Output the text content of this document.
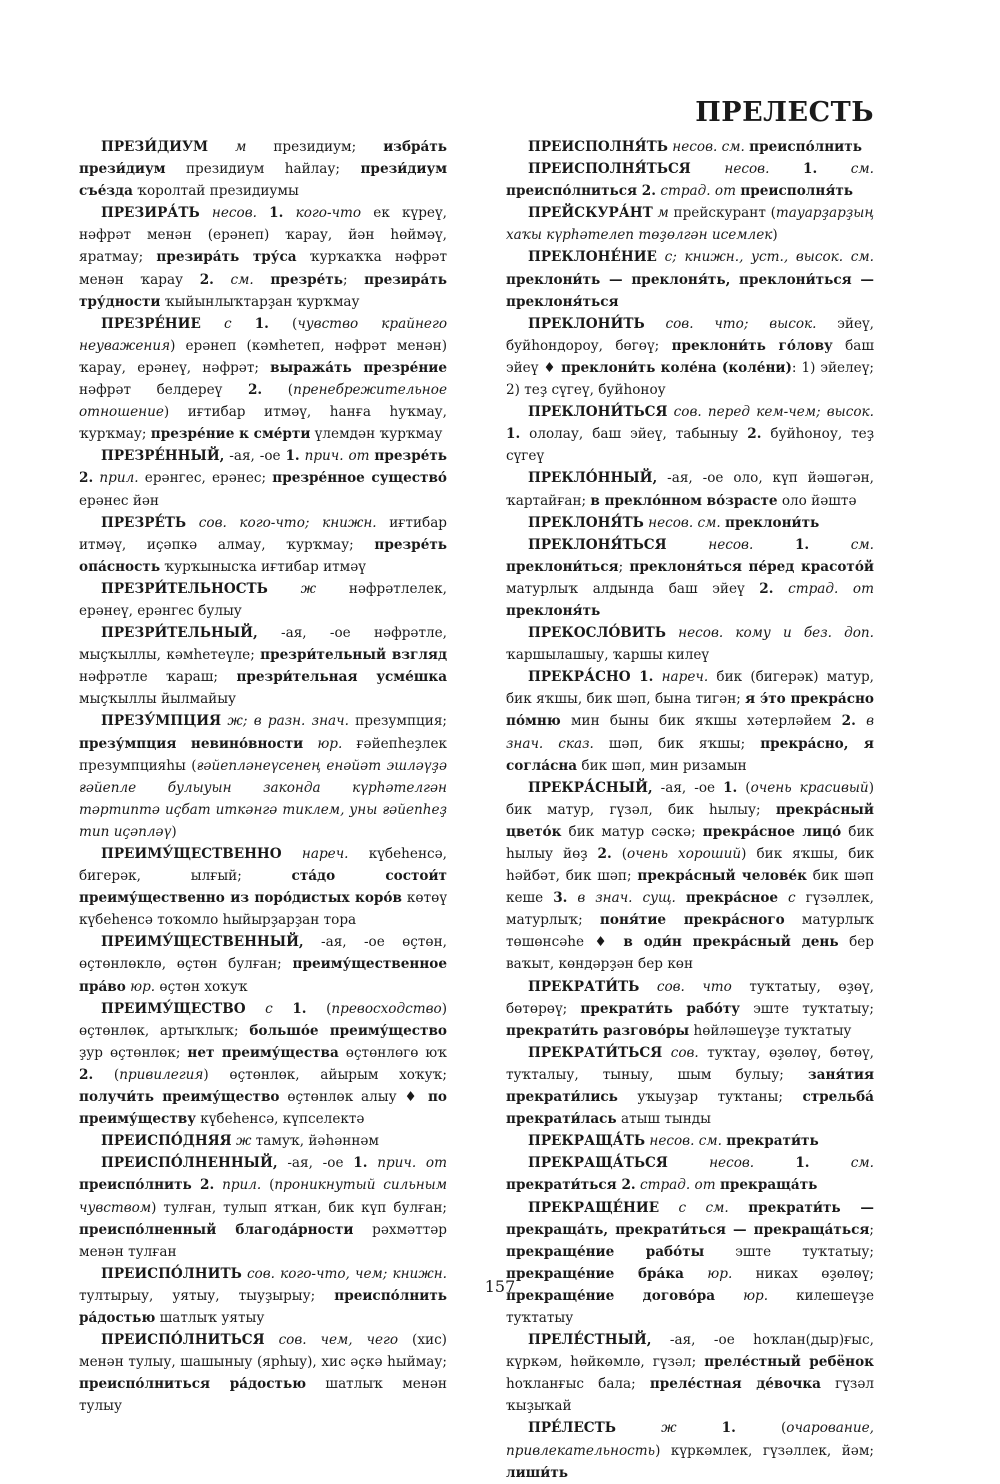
ПРЕЛЕСТЬ

ПРЕЗИ́ДИУМ м президиум; избра́ть прези́диум президиум һайлау; прези́диум съе́зда ҡоролтай президиумы

ПРЕЗИРА́ТЬ несов. 1. кого-что ек күреү, нәфрәт менән (ерәнеп) ҡарау, йән һөймәү, яратмау; презира́ть тру́са ҡурҡаҡҡа нәфрәт менән ҡарау 2. см. презре́ть; презира́ть тру́дности ҡыйынлыҡтарҙан ҡурҡмау

ПРЕЗРЕ́НИЕ с 1. (чувство крайнего неуважения) ерәнеп (кәмһетеп, нәфрәт менән) ҡарау, ерәнеү, нәфрәт; выража́ть презре́ние нәфрәт белдереү 2. (пренебрежительное отношение) иғтибар итмәү, һанға һуҡмау, ҡурҡмау; презре́ние к сме́рти үлемдән ҡурҡмау

ПРЕЗРЕ́ННЫЙ, -ая, -ое 1. прич. от презре́ть 2. прил. ерәнгес, ерәнес; презре́нное существо́ ерәнес йән

ПРЕЗРЕ́ТЬ сов. кого-что; книжн. иғтибар итмәү, иҫәпкә алмау, ҡурҡмау; презре́ть опа́сность ҡурҡынысҡа иғтибар итмәү

ПРЕЗРИ́ТЕЛЬНОСТЬ ж нәфрәтлелек, ерәнеү, ерәнгес булыу

ПРЕЗРИ́ТЕЛЬНЫЙ, -ая, -ое нәфрәтле, мыҫҡыллы, кәмһетеүле; презри́тельный взгляд нәфрәтле ҡараш; презри́тельная усме́шка мыҫҡыллы йылмайыу

ПРЕЗУ́МПЦИЯ ж; в разн. знач. презумпция; презу́мпция невино́вности юр. ғәйепһеҙлек презумпцияһы (ғәйепләнеүсенең енәйәт эшләүҙә ғәйепле булыуын законда күрһәтелгән тәртиптә иҫбат иткәнгә тиклем, уны ғәйепһеҙ тип иҫәпләү)

ПРЕИМУ́ЩЕСТВЕННО нареч. күбеһенсә, бигерәк, ылғый; ста́до состои́т преиму́щественно из поро́дистых коро́в көтөү күбеһенсә тоҡомло һыйырҙарҙан тора

ПРЕИМУ́ЩЕСТВЕННЫЙ, -ая, -ое өҫтөн, өҫтөнлөклө, өҫтөн булған; преиму́щественное пра́во юр. өҫтөн хоҡуҡ

ПРЕИМУ́ЩЕСТВО с 1. (превосходство) өҫтөнлөк, артыҡлыҡ; большо́е преиму́щество ҙур өҫтөнлөк; нет преиму́щества өҫтөнлөгө юҡ 2. (привилегия) өҫтөнлөк, айырым хоҡуҡ; получи́ть преиму́щество өҫтөнлөк алыу ♦ по преиму́ществу күбеһенсә, күпселектә

ПРЕИСПО́ДНЯЯ ж тамуҡ, йәһәннәм

ПРЕИСПО́ЛНЕННЫЙ, -ая, -ое 1. прич. от преиспо́лнить 2. прил. (проникнутый сильным чувством) тулған, тулып ятҡан, бик күп булған; преиспо́лненный благода́рности рәхмәттәр менән тулған

ПРЕИСПО́ЛНИТЬ сов. кого-что, чем; книжн. тултырыу, уятыу, тыуҙырыу; преиспо́лнить ра́достью шатлыҡ уятыу

ПРЕИСПО́ЛНИТЬСЯ сов. чем, чего (хис) менән тулыу, шашыныу (ярһыу), хис әҫкә һыймау; преиспо́лниться ра́достью шатлыҡ менән тулыу

ПРЕИСПОЛНЯ́ТЬ несов. см. преиспо́лнить

ПРЕИСПОЛНЯ́ТЬСЯ несов. 1. см. преиспо́лниться 2. страд. от преисполня́ть

ПРЕЙСКУРА́НТ м прейскурант (тауарҙарҙың хаҡы күрһәтелеп төҙөлгән исемлек)

ПРЕКЛОНЕ́НИЕ с; книжн., уст., высок. см. преклони́ть — преклоня́ть, преклони́ться — преклоня́ться

ПРЕКЛОНИ́ТЬ сов. что; высок. эйеү, буйһондороу, бөгөү; преклони́ть го́лову баш эйеү ♦ преклони́ть коле́на (коле́ни): 1) эйелеү; 2) теҙ сүгеү, буйһоноу

ПРЕКЛОНИ́ТЬСЯ сов. перед кем-чем; высок. 1. ололау, баш эйеү, табыныу 2. буйһоноу, теҙ сүгеү

ПРЕКЛО́ННЫЙ, -ая, -ое оло, күп йәшәгән, ҡартайған; в прекло́нном во́зрасте оло йәштә

ПРЕКЛОНЯ́ТЬ несов. см. преклони́ть

ПРЕКЛОНЯ́ТЬСЯ	несов.	1.	см. преклони́ться; преклоня́ться пе́ред красото́й матурлыҡ алдында баш эйеү 2. страд. от преклоня́ть

ПРЕКОСЛО́ВИТЬ несов. кому и без. доп. ҡаршылашыу, ҡаршы килеү

ПРЕКРА́СНО 1. нареч. бик (бигерәк) матур, бик яҡшы, бик шәп, бына тигән; я э́то прекра́сно по́мню мин быны бик яҡшы хәтерләйем 2. в знач. сказ. шәп, бик яҡшы; прекра́сно, я согла́сна бик шәп, мин ризамын

ПРЕКРА́СНЫЙ, -ая, -ое 1. (очень красивый) бик матур, гүзәл, бик һылыу; прекра́сный цвето́к бик матур сәскә; прекра́сное лицо́ бик һылыу йөҙ 2. (очень хороший) бик яҡшы, бик һәйбәт, бик шәп; прекра́сный челове́к бик шәп кеше 3. в знач. сущ. прекра́сное с гүзәллек, матурлыҡ; поня́тие прекра́сного матурлыҡ төшөнсәһе ♦ в оди́н прекра́сный день бер ваҡыт, көндәрҙән бер көн

ПРЕКРАТИ́ТЬ сов. что туҡтатыу, өҙөү, бөтөрөү; прекрати́ть рабо́ту эште туҡтатыу; прекрати́ть разгово́ры һөйләшеүҙе туҡтатыу

ПРЕКРАТИ́ТЬСЯ сов. туҡтау, өҙөлөү, бөтөү, туҡталыу, тыныу, шым булыу; заня́тия прекрати́лись уҡыуҙар туҡтаны; стрельба́ прекрати́лась атыш тынды

ПРЕКРАЩА́ТЬ несов. см. прекрати́ть

ПРЕКРАЩА́ТЬСЯ	несов.	1.	см. прекрати́ться 2. страд. от прекраща́ть

ПРЕКРАЩЕ́НИЕ с см. прекрати́ть — прекраща́ть, прекрати́ться — прекраща́ться; прекраще́ние рабо́ты эште туҡтатыу; прекраще́ние бра́ка юр. никах өҙөлөү; прекраще́ние догово́ра юр. килешеүҙе туҡтатыу

ПРЕЛЕ́СТНЫЙ, -ая, -ое һоҡлан(дыр)ғыс, күркәм, һөйкөмлө, гүзәл; преле́стный ребёнок һоҡланғыс бала; преле́стная де́вочка гүзәл ҡыҙыҡай

ПРЕ́ЛЕСТЬ	ж	1. (очарование, привлекательность) күркәмлек, гүзәллек, йәм; лиши́ть

157
